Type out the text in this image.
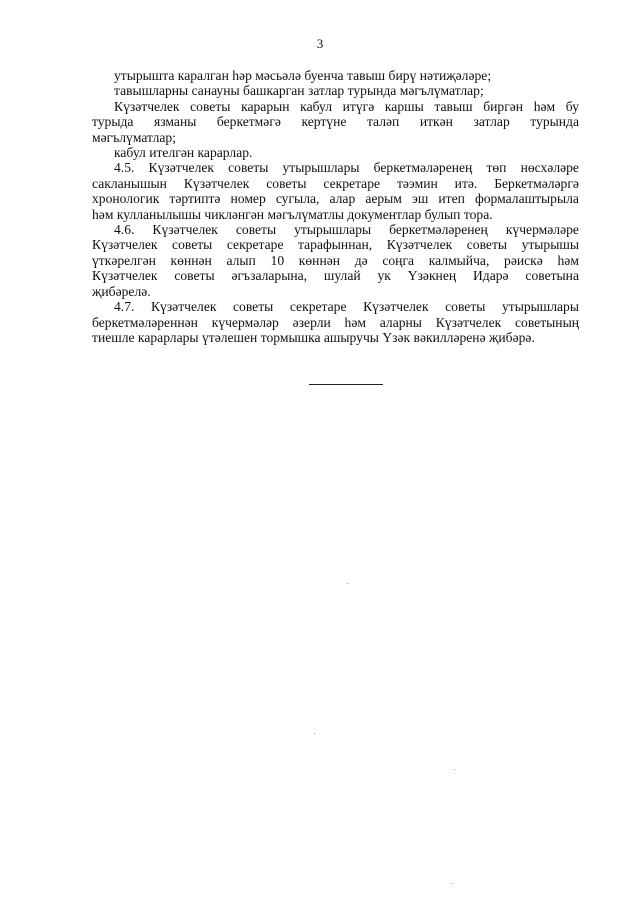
3
утырышта каралган һәр мәсьәлә буенча тавыш бирү нәтиҗәләре;
тавышларны санауны башкарган затлар турында мәгълүматлар;
Күзәтчелек советы карарын кабул итүгә каршы тавыш биргән һәм бу
турыда язманы беркетмәгә кертүне таләп иткән затлар турында
мәгълүматлар;
кабул ителгән карарлар.
4.5. Күзәтчелек советы утырышлары беркетмәләренең төп нөсхәләре
сакланышын Күзәтчелек советы секретаре тәэмин итә. Беркетмәләргә
хронологик тәртиптә номер сугыла, алар аерым эш итеп формалаштырыла
һәм кулланылышы чикләнгән мәгълүматлы документлар булып тора.
4.6. Күзәтчелек советы утырышлары беркетмәләренең күчермәләре
Күзәтчелек советы секретаре тарафыннан, Күзәтчелек советы утырышы
үткәрелгән көннән алып 10 көннән дә соңга калмыйча, рәискә һәм
Күзәтчелек советы әгъзаларына, шулай ук Үзәкнең Идарә советына
җибәрелә.
4.7. Күзәтчелек советы секретаре Күзәтчелек советы утырышлары
беркетмәләреннән күчермәләр әзерли һәм аларны Күзәтчелек советының
тиешле карарлары үтәлешен тормышка ашыручы Үзәк вәкилләренә җибәрә.
